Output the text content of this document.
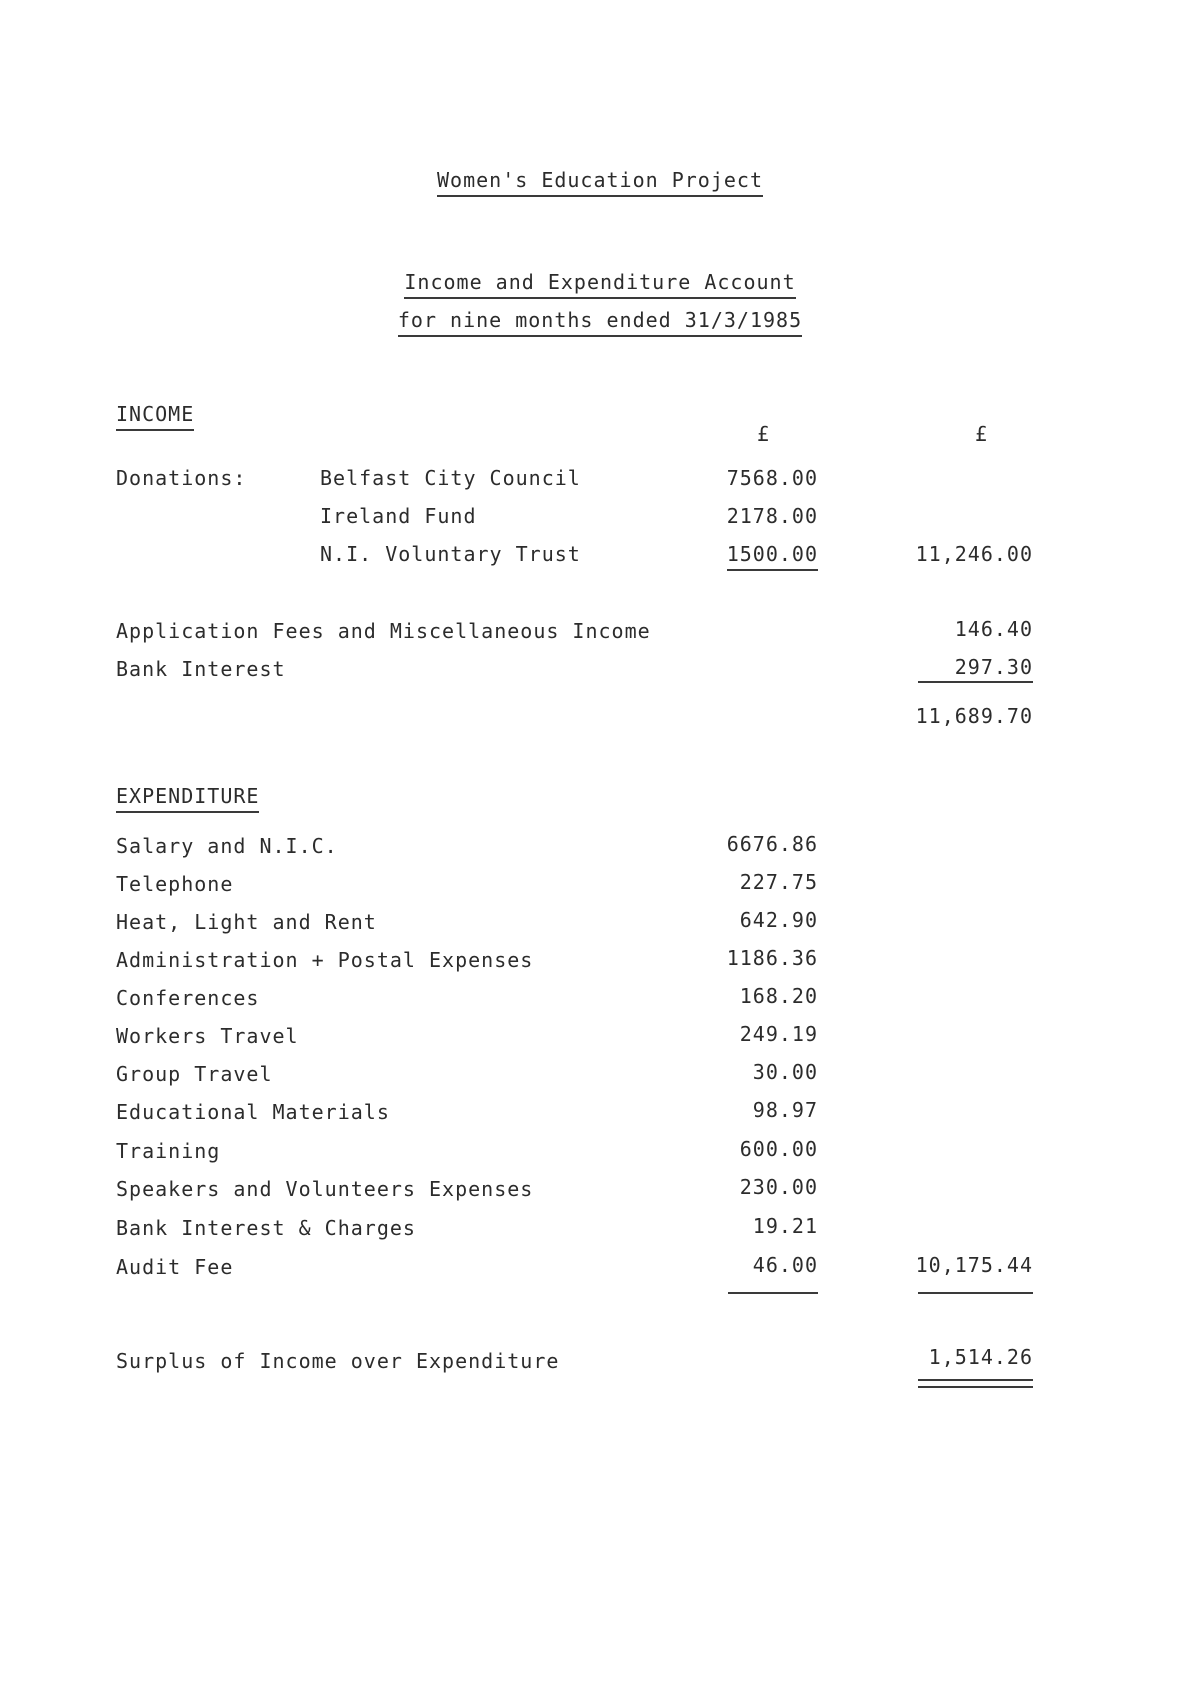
Women's Education Project
Income and Expenditure Account
for nine months ended 31/3/1985
INCOME
£	£
Donations:	Belfast City Council	7568.00
Ireland Fund	2178.00
N.I. Voluntary Trust	1500.00	11,246.00
Application Fees and Miscellaneous Income	146.40
Bank Interest	297.30
11,689.70
EXPENDITURE
Salary and N.I.C.	6676.86
Telephone	227.75
Heat, Light and Rent	642.90
Administration + Postal Expenses	1186.36
Conferences	168.20
Workers Travel	249.19
Group Travel	30.00
Educational Materials	98.97
Training	600.00
Speakers and Volunteers Expenses	230.00
Bank Interest & Charges	19.21
Audit Fee	46.00	10,175.44
Surplus of Income over Expenditure	1,514.26
